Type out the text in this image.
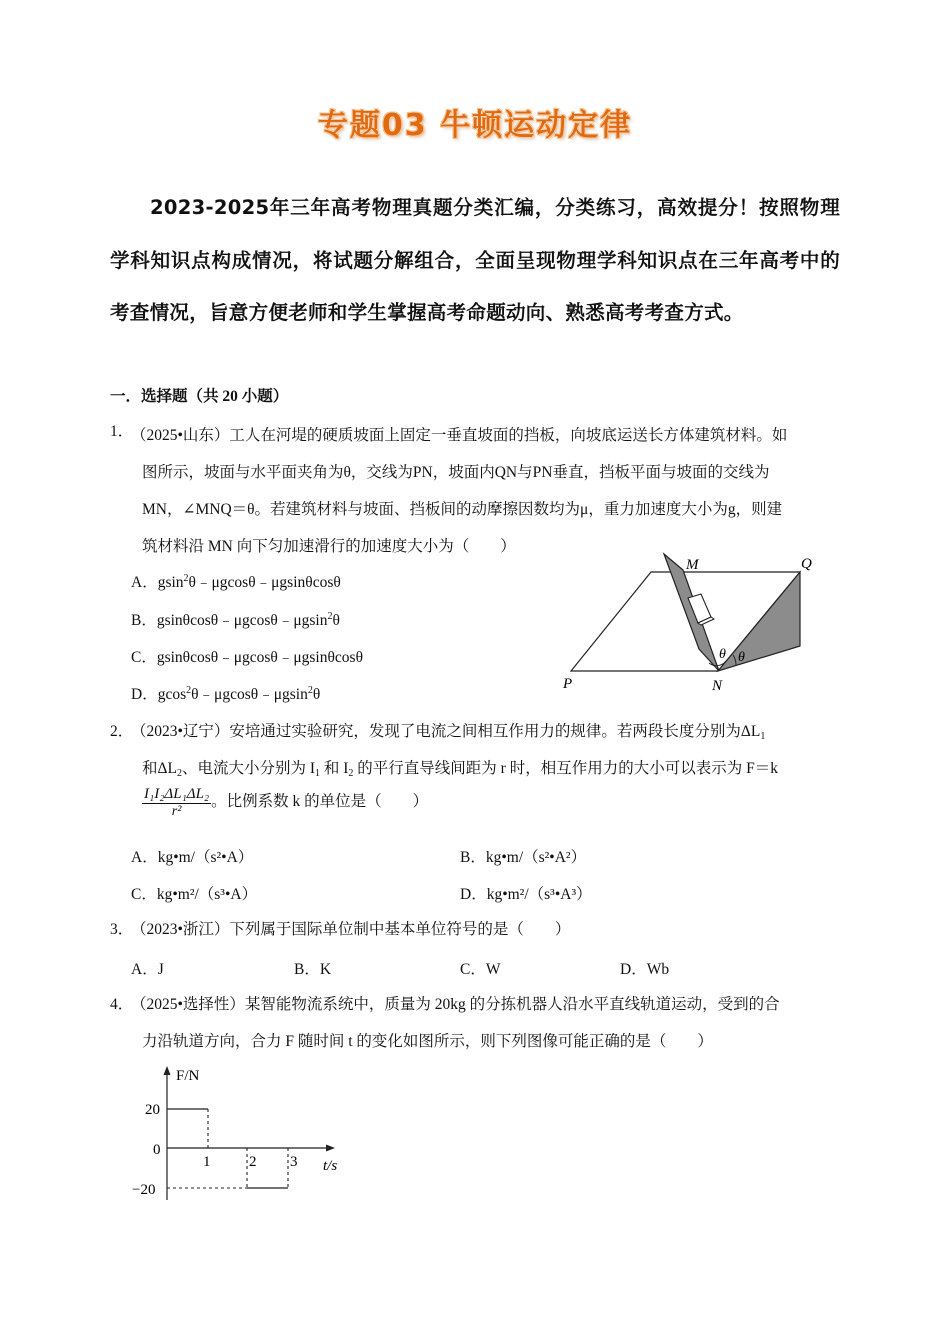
专题03 牛顿运动定律
2023-2025年三年高考物理真题分类汇编，分类练习，高效提分！按照物理学科知识点构成情况，将试题分解组合，全面呈现物理学科知识点在三年高考中的考查情况，旨意方便老师和学生掌握高考命题动向、熟悉高考考查方式。
一．选择题（共 20 小题）
1．
（2025•山东）工人在河堤的硬质坡面上固定一垂直坡面的挡板，向坡底运送长方体建筑材料。如
图所示，坡面与水平面夹角为θ，交线为PN，坡面内QN与PN垂直，挡板平面与坡面的交线为
MN，∠MNQ＝θ。若建筑材料与坡面、挡板间的动摩擦因数均为μ，重力加速度大小为g，则建
筑材料沿 MN 向下匀加速滑行的加速度大小为（　　）
A．gsin$^2$θ﹣μgcosθ﹣μgsinθcosθ
B．gsinθcosθ﹣μgcosθ﹣μgsin$^2$θ
C．gsinθcosθ﹣μgcosθ﹣μgsinθcosθ
D．gcos$^2$θ﹣μgcosθ﹣μgsin$^2$θ
M	Q
P	N
θ θ
2．
（2023•辽宁）安培通过实验研究，发现了电流之间相互作用力的规律。若两段长度分别为$\Delta L_1$
和$\Delta L_2$、电流大小分别为 $I_1$ 和 $I_2$ 的平行直导线间距为 r 时，相互作用力的大小可以表示为 F＝k
$\frac{\text{I₁I₂ΔL₁ΔL₂}}{\text{r²}}$ 。比例系数 k 的单位是（　　）
A．kg•m/（s²•A）	B．kg•m/（s²•A²）
C．kg•m²/（s³•A）	D．kg•m²/（s³•A³）
3．
（2023•浙江）下列属于国际单位制中基本单位符号的是（　　）
A．J	B．K	C．W	D．Wb
4．
（2025•选择性）某智能物流系统中，质量为 20kg 的分拣机器人沿水平直线轨道运动，受到的合
力沿轨道方向，合力 F 随时间 t 的变化如图所示，则下列图像可能正确的是（　　）
F/N
20
0
−20
1	2 3 t/s
